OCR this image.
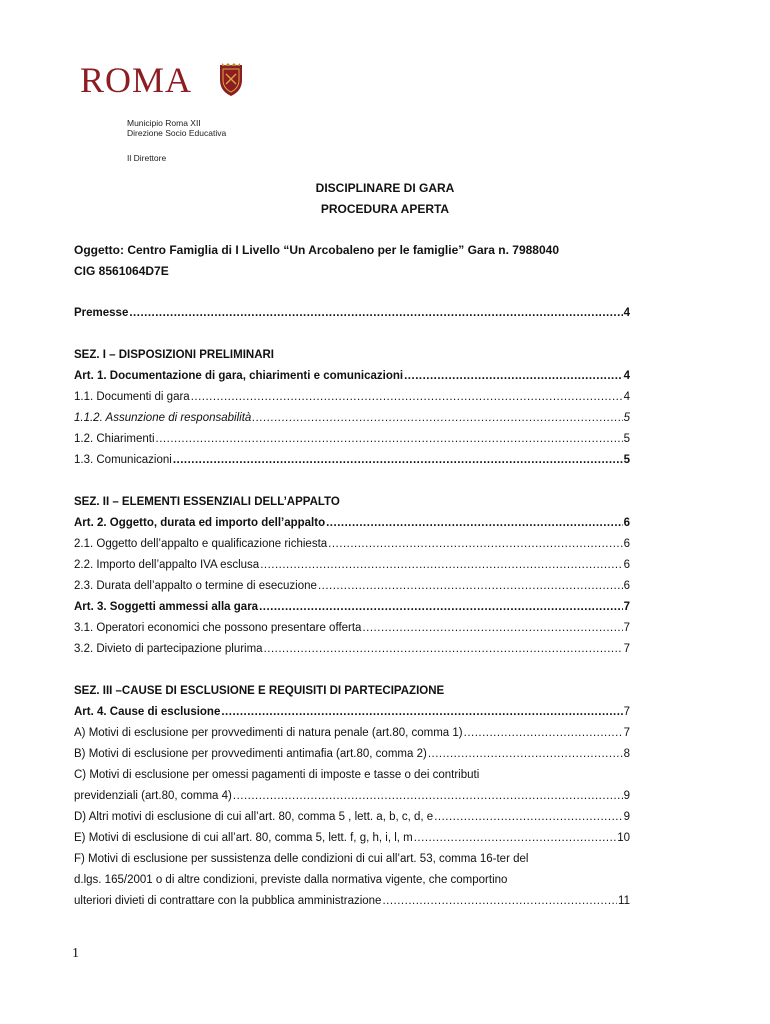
ROMA
Municipio Roma XII
Direzione Socio Educativa
Il Direttore
DISCIPLINARE DI GARA
PROCEDURA APERTA
Oggetto: Centro Famiglia di I Livello “Un Arcobaleno per le famiglie” Gara n. 7988040
CIG 8561064D7E
Premesse .....	4
SEZ. I – DISPOSIZIONI PRELIMINARI
Art. 1. Documentazione di gara, chiarimenti e comunicazioni .....	4
1.1. Documenti di gara .....	4
1.1.2. Assunzione di responsabilità .....	5
1.2. Chiarimenti .....	5
1.3. Comunicazioni .....	5
SEZ. II – ELEMENTI ESSENZIALI DELL’APPALTO
Art. 2. Oggetto, durata ed importo dell’appalto .....	6
2.1. Oggetto dell’appalto e qualificazione richiesta .....	6
2.2. Importo dell’appalto IVA esclusa .....	6
2.3. Durata dell’appalto o termine di esecuzione .....	6
Art. 3. Soggetti ammessi alla gara .....	7
3.1. Operatori economici che possono presentare offerta .....	7
3.2. Divieto di partecipazione plurima .....	7
SEZ. III –CAUSE DI ESCLUSIONE E REQUISITI DI PARTECIPAZIONE
Art. 4. Cause di esclusione .....	7
A) Motivi di esclusione per provvedimenti di natura penale (art.80, comma 1) .....	7
B) Motivi di esclusione per provvedimenti antimafia (art.80, comma 2) .....	8
C) Motivi di esclusione per omessi pagamenti di imposte e tasse o dei contributi
previdenziali (art.80, comma 4) .....	9
D) Altri motivi di esclusione di cui all’art. 80, comma 5 , lett. a, b, c, d, e .....	9
E) Motivi di esclusione di cui all’art. 80, comma 5, lett. f, g, h, i, l, m .....	10
F) Motivi di esclusione per sussistenza delle condizioni di cui all’art. 53, comma 16-ter del
d.lgs. 165/2001 o di altre condizioni, previste dalla normativa vigente, che comportino
ulteriori divieti di contrattare con la pubblica amministrazione .....	11
1
